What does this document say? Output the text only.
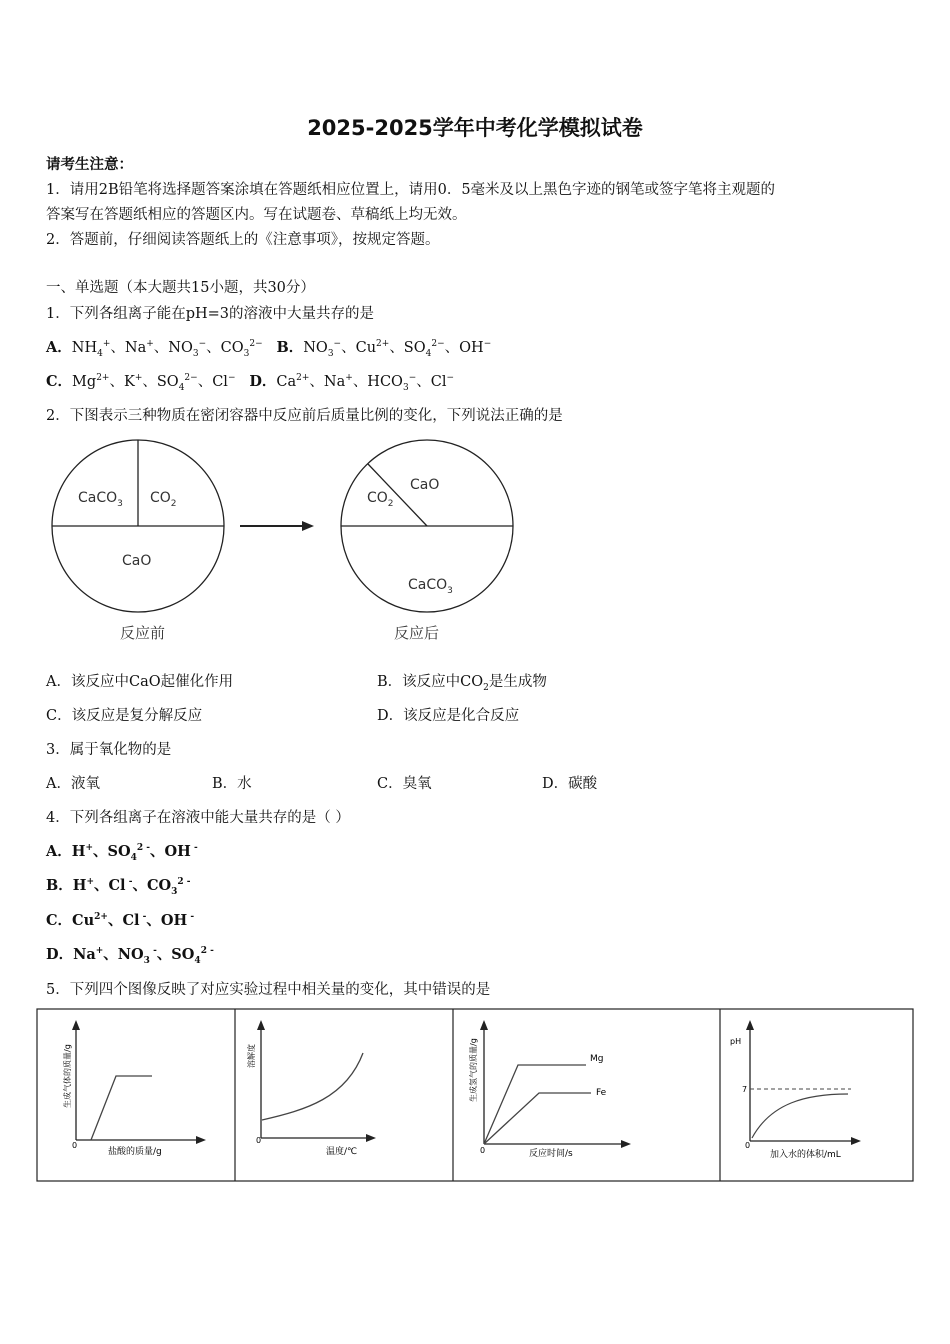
2025-2025学年中考化学模拟试卷
请考生注意：
1．请用2B铅笔将选择题答案涂填在答题纸相应位置上，请用0．5毫米及以上黑色字迹的钢笔或签字笔将主观题的
答案写在答题纸相应的答题区内。写在试题卷、草稿纸上均无效。
2．答题前，仔细阅读答题纸上的《注意事项》，按规定答题。
一、单选题（本大题共15小题，共30分）
1．下列各组离子能在pH=3的溶液中大量共存的是
A．$NH_4^+$、Na+、$NO_3^-$、$CO_3^{2-}$ B．$NO_3^-$、$Cu^{2+}$、$SO_4^{2-}$、OH−
C．$Mg^{2+}$、K+、$SO_4^{2-}$、Cl− D．$Ca^{2+}$、Na+、$HCO_3^-$、Cl−
2．下图表示三种物质在密闭容器中反应前后质量比例的变化，下列说法正确的是
CaCO$_3$ $CO_2$
CaO
反应前
$CO_2$
CaO
CaCO$_3$
反应后
A．该反应中CaO起催化作用	B．该反应中$CO_2$是生成物
C．该反应是复分解反应	D．该反应是化合反应
3．属于氧化物的是
A．液氧	B．水	C．臭氧	D．碳酸
4．下列各组离子在溶液中能大量共存的是（ ）
A．H+、$SO_4^{2 -}$、OH -
B．H+、Cl -、$CO_3^{2 -}$
C．$Cu^{2+}$、Cl -、OH -
D．Na+、$NO_3$ -、$SO_4^{2 -}$
5．下列四个图像反映了对应实验过程中相关量的变化，其中错误的是
0
盐酸的质量/g
生成气体的质量/g
0
温度/℃
溶解度	Mg
Fe
0	反应时间/s
生成氢气的质量/g	7
pH
0
加入水的体积/mL
